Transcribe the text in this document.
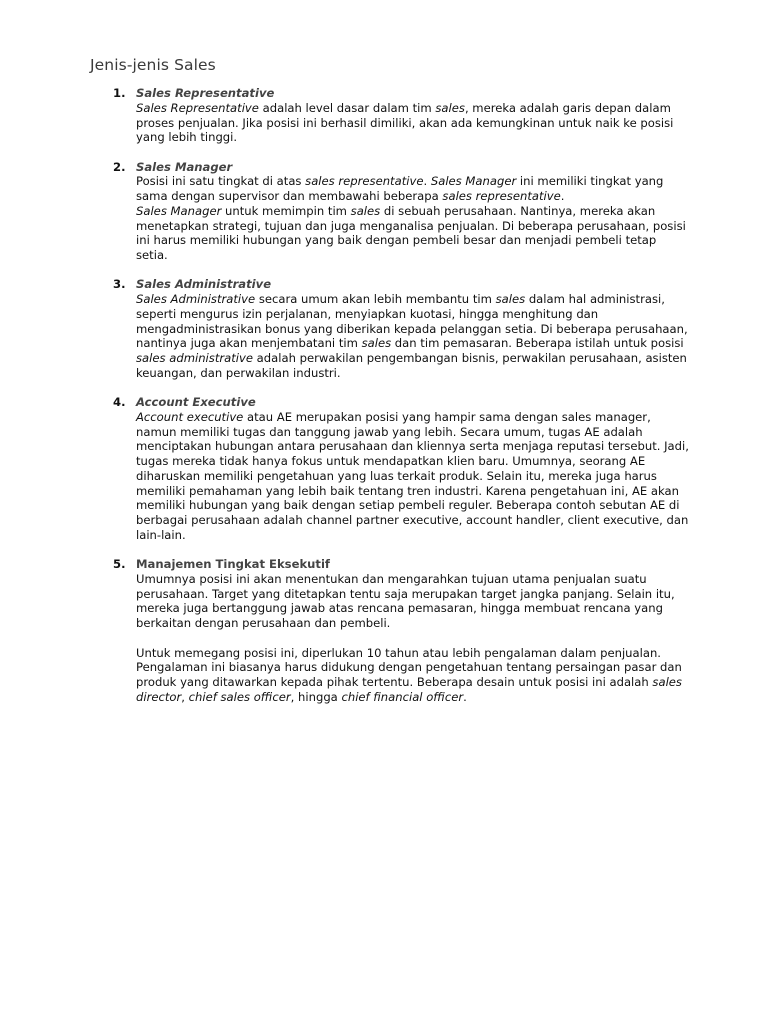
Jenis-jenis Sales
1. Sales Representative

Sales Representative adalah level dasar dalam tim sales, mereka adalah garis depan dalam proses penjualan. Jika posisi ini berhasil dimiliki, akan ada kemungkinan untuk naik ke posisi yang lebih tinggi.

2. Sales Manager

Posisi ini satu tingkat di atas sales representative. Sales Manager ini memiliki tingkat yang sama dengan supervisor dan membawahi beberapa sales representative.
Sales Manager untuk memimpin tim sales di sebuah perusahaan. Nantinya, mereka akan menetapkan strategi, tujuan dan juga menganalisa penjualan. Di beberapa perusahaan, posisi ini harus memiliki hubungan yang baik dengan pembeli besar dan menjadi pembeli tetap setia.

3. Sales Administrative

Sales Administrative secara umum akan lebih membantu tim sales dalam hal administrasi, seperti mengurus izin perjalanan, menyiapkan kuotasi, hingga menghitung dan mengadministrasikan bonus yang diberikan kepada pelanggan setia. Di beberapa perusahaan, nantinya juga akan menjembatani tim sales dan tim pemasaran. Beberapa istilah untuk posisi sales administrative adalah perwakilan pengembangan bisnis, perwakilan perusahaan, asisten keuangan, dan perwakilan industri.

4. Account Executive

Account executive atau AE merupakan posisi yang hampir sama dengan sales manager, namun memiliki tugas dan tanggung jawab yang lebih. Secara umum, tugas AE adalah menciptakan hubungan antara perusahaan dan kliennya serta menjaga reputasi tersebut. Jadi, tugas mereka tidak hanya fokus untuk mendapatkan klien baru. Umumnya, seorang AE diharuskan memiliki pengetahuan yang luas terkait produk. Selain itu, mereka juga harus memiliki pemahaman yang lebih baik tentang tren industri. Karena pengetahuan ini, AE akan memiliki hubungan yang baik dengan setiap pembeli reguler. Beberapa contoh sebutan AE di berbagai perusahaan adalah channel partner executive, account handler, client executive, dan lain-lain.

5. Manajemen Tingkat Eksekutif

Umumnya posisi ini akan menentukan dan mengarahkan tujuan utama penjualan suatu perusahaan. Target yang ditetapkan tentu saja merupakan target jangka panjang. Selain itu, mereka juga bertanggung jawab atas rencana pemasaran, hingga membuat rencana yang berkaitan dengan perusahaan dan pembeli.

Untuk memegang posisi ini, diperlukan 10 tahun atau lebih pengalaman dalam penjualan. Pengalaman ini biasanya harus didukung dengan pengetahuan tentang persaingan pasar dan produk yang ditawarkan kepada pihak tertentu. Beberapa desain untuk posisi ini adalah sales director, chief sales officer, hingga chief financial officer.
